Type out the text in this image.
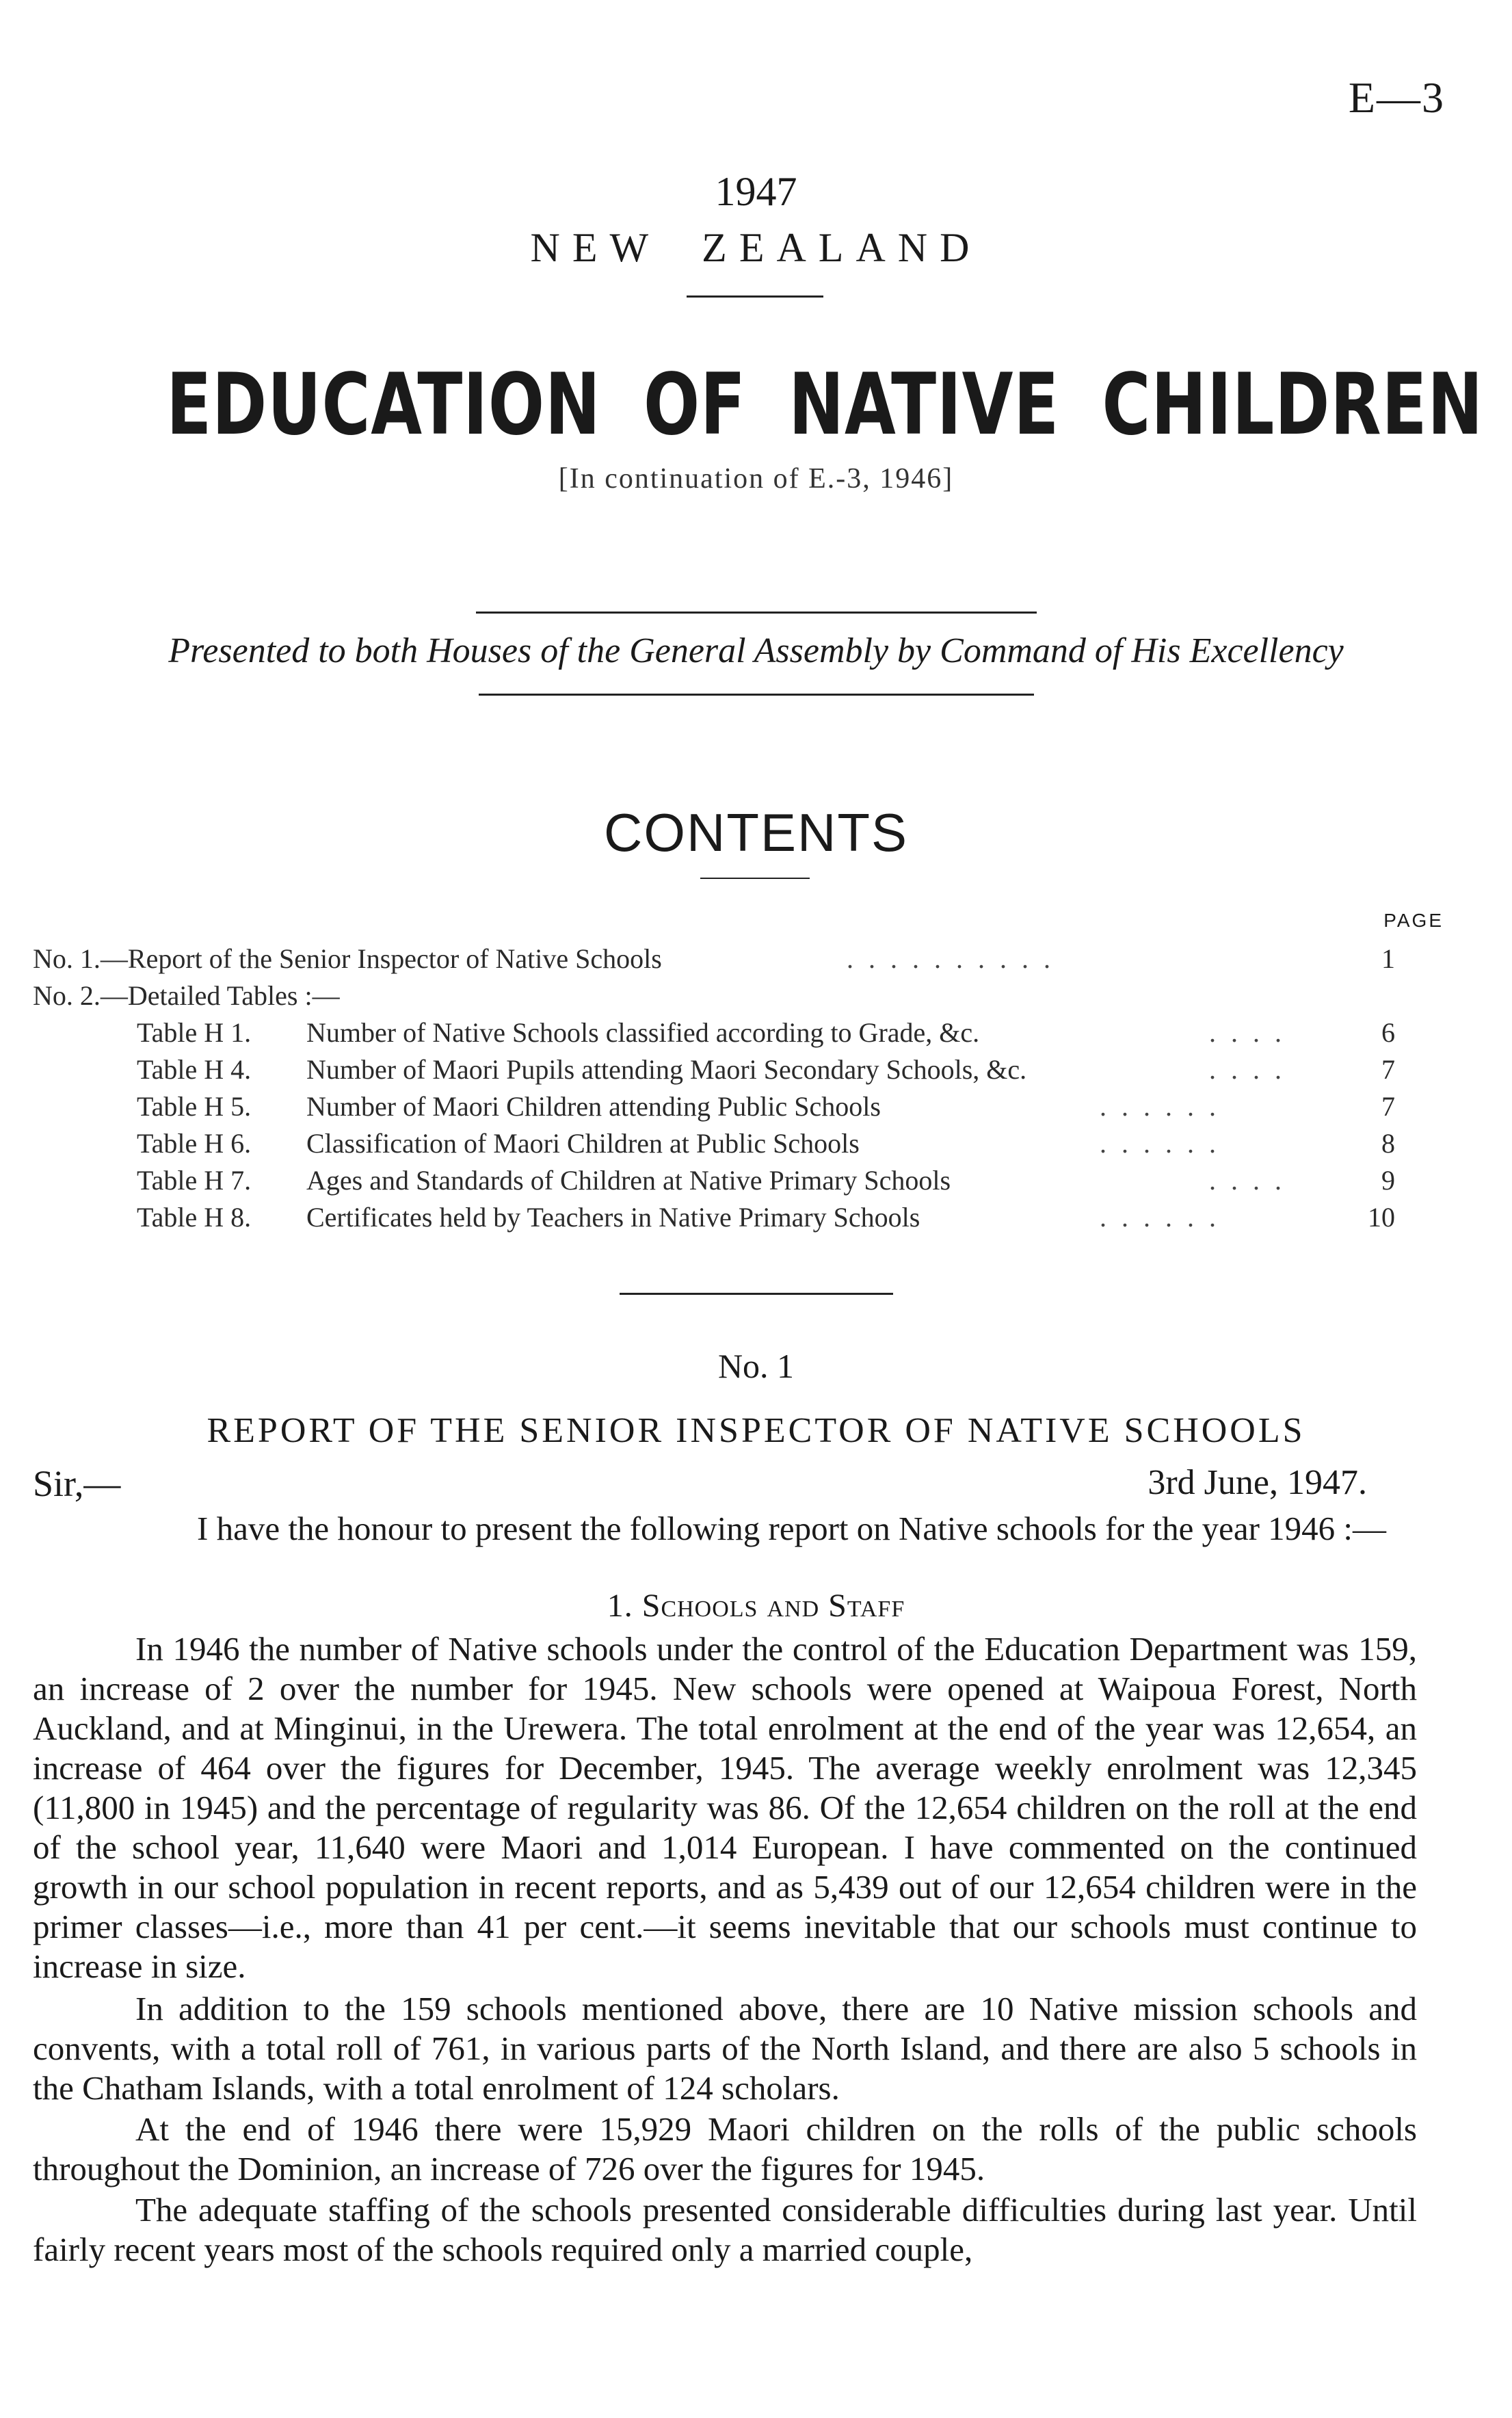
E—3
1947
NEW ZEALAND
EDUCATION OF NATIVE CHILDREN
[In continuation of E.-3, 1946]
Presented to both Houses of the General Assembly by Command of His Excellency
CONTENTS
PAGE
No. 1.—Report of the Senior Inspector of Native Schools	. . . . . . . . . .	1
No. 2.—Detailed Tables :—
Table H 1. Number of Native Schools classified according to Grade, &c.	. . . .	6
Table H 4. Number of Maori Pupils attending Maori Secondary Schools, &c.	. . . .	7
Table H 5. Number of Maori Children attending Public Schools	. . . . . .	7
Table H 6. Classification of Maori Children at Public Schools	. . . . . .	8
Table H 7. Ages and Standards of Children at Native Primary Schools	. . . .	9
Table H 8. Certificates held by Teachers in Native Primary Schools	. . . . . .	10
No. 1
REPORT OF THE SENIOR INSPECTOR OF NATIVE SCHOOLS
Sir,—	3rd June, 1947.
I have the honour to present the following report on Native schools for the year 1946 :—
1. Schools and Staff
In 1946 the number of Native schools under the control of the Education Department was 159, an increase of 2 over the number for 1945. New schools were opened at Waipoua Forest, North Auckland, and at Minginui, in the Urewera. The total enrolment at the end of the year was 12,654, an increase of 464 over the figures for December, 1945. The average weekly enrolment was 12,345 (11,800 in 1945) and the percentage of regularity was 86. Of the 12,654 children on the roll at the end of the school year, 11,640 were Maori and 1,014 European. I have commented on the continued growth in our school population in recent reports, and as 5,439 out of our 12,654 children were in the primer classes—i.e., more than 41 per cent.—it seems inevitable that our schools must continue to increase in size.
In addition to the 159 schools mentioned above, there are 10 Native mission schools and convents, with a total roll of 761, in various parts of the North Island, and there are also 5 schools in the Chatham Islands, with a total enrolment of 124 scholars.
At the end of 1946 there were 15,929 Maori children on the rolls of the public schools throughout the Dominion, an increase of 726 over the figures for 1945.
The adequate staffing of the schools presented considerable difficulties during last year. Until fairly recent years most of the schools required only a married couple,
